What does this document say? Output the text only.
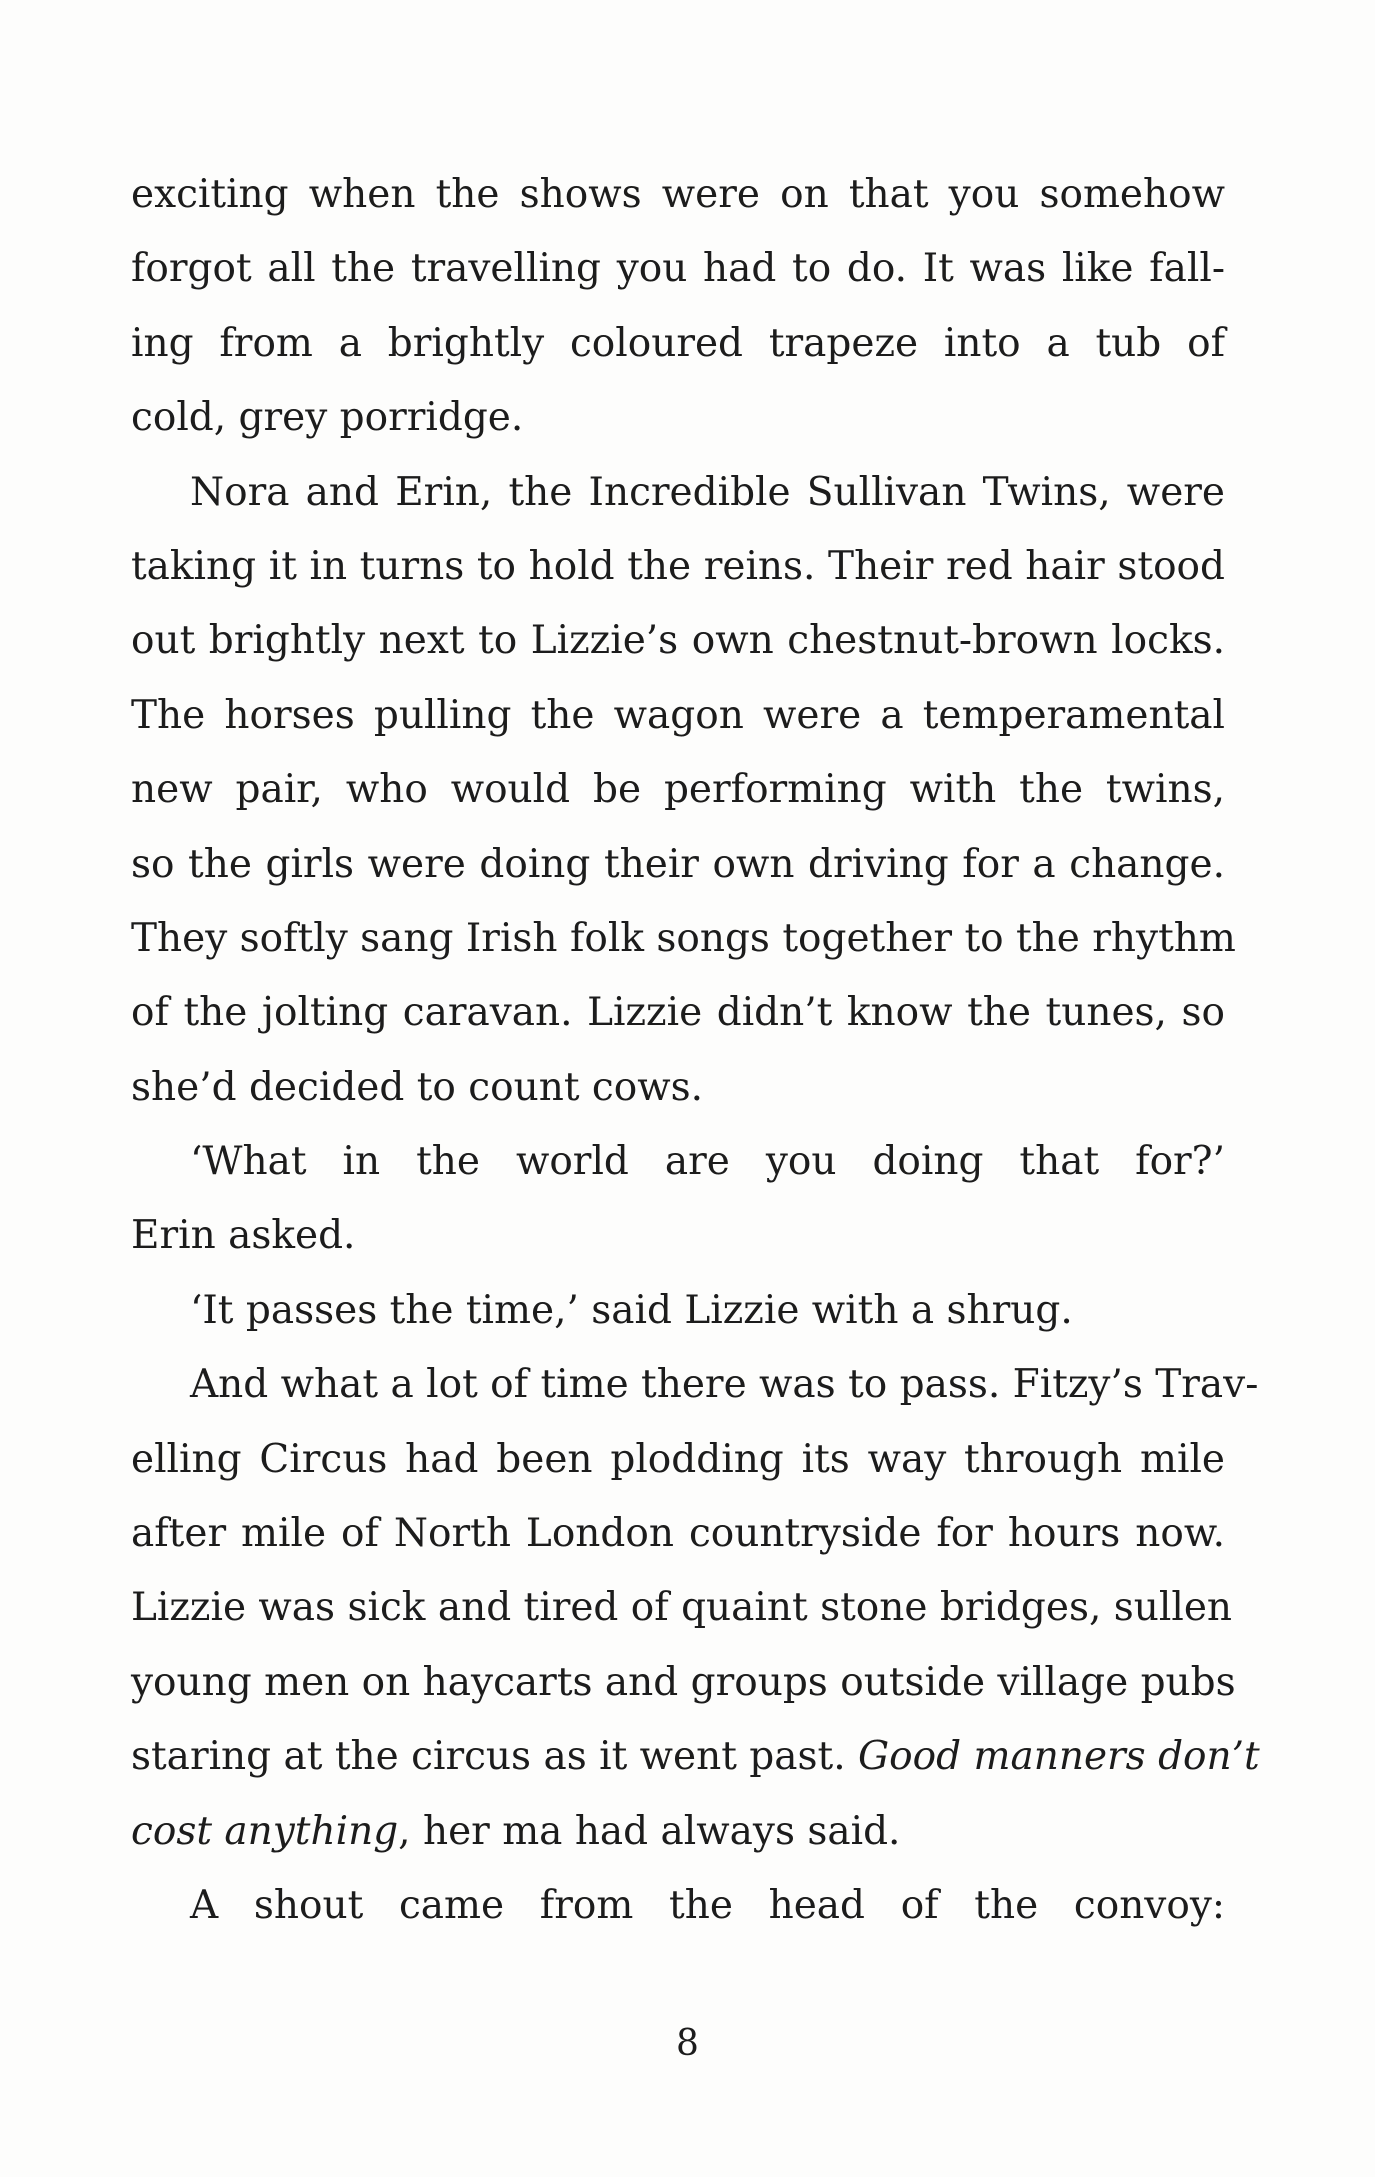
exciting when the shows were on that you somehow
forgot all the travelling you had to do. It was like fall-
ing from a brightly coloured trapeze into a tub of
cold, grey porridge.
Nora and Erin, the Incredible Sullivan Twins, were
taking it in turns to hold the reins. Their red hair stood
out brightly next to Lizzie’s own chestnut-brown locks.
The horses pulling the wagon were a temperamental
new pair, who would be performing with the twins,
so the girls were doing their own driving for a change.
They softly sang Irish folk songs together to the rhythm
of the jolting caravan. Lizzie didn’t know the tunes, so
she’d decided to count cows.
‘What in the world are you doing that for?’
Erin asked.
‘It passes the time,’ said Lizzie with a shrug.
And what a lot of time there was to pass. Fitzy’s Trav-
elling Circus had been plodding its way through mile
after mile of North London countryside for hours now.
Lizzie was sick and tired of quaint stone bridges, sullen
young men on haycarts and groups outside village pubs
staring at the circus as it went past. Good manners don’t
cost anything, her ma had always said.
A shout came from the head of the convoy:
8
